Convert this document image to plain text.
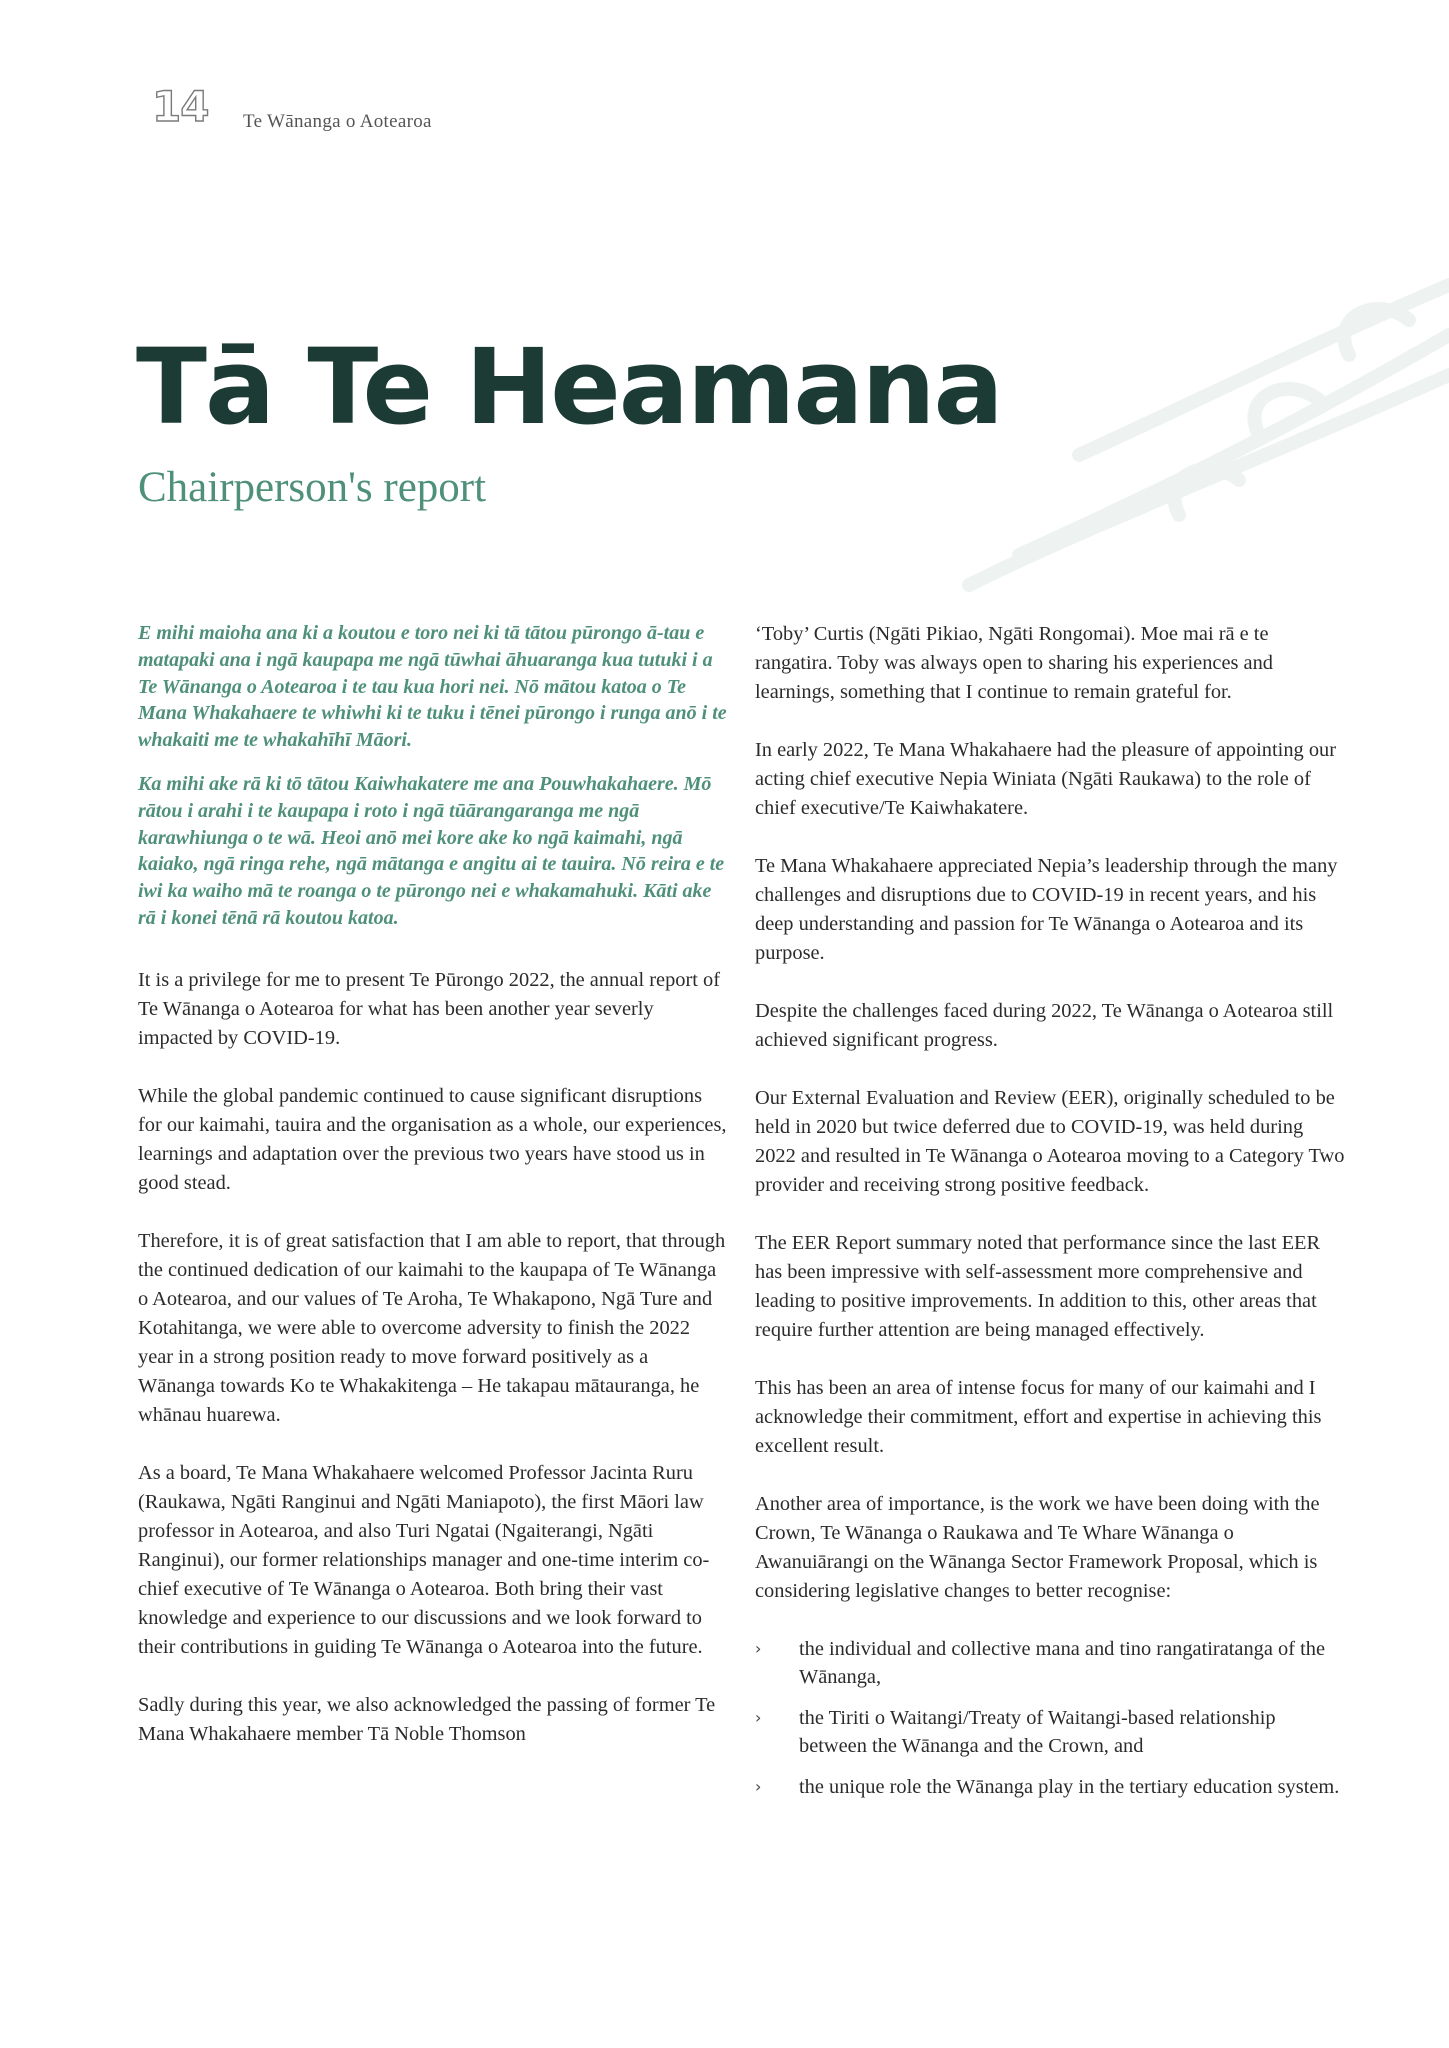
14 Te Wānanga o Aotearoa
Tā Te Heamana
Chairperson's report

E mihi maioha ana ki a koutou e toro nei ki tā tātou pūrongo ā-tau e matapaki ana i ngā kaupapa me ngā tūwhai āhuaranga kua tutuki i a Te Wānanga o Aotearoa i te tau kua hori nei. Nō mātou katoa o Te Mana Whakahaere te whiwhi ki te tuku i tēnei pūrongo i runga anō i te whakaiti me te whakahīhī Māori.

Ka mihi ake rā ki tō tātou Kaiwhakatere me ana Pouwhakahaere. Mō rātou i arahi i te kaupapa i roto i ngā tūārangaranga me ngā karawhiunga o te wā. Heoi anō mei kore ake ko ngā kaimahi, ngā kaiako, ngā ringa rehe, ngā mātanga e angitu ai te tauira. Nō reira e te iwi ka waiho mā te roanga o te pūrongo nei e whakamahuki. Kāti ake rā i konei tēnā rā koutou katoa.

It is a privilege for me to present Te Pūrongo 2022, the annual report of Te Wānanga o Aotearoa for what has been another year severly impacted by COVID-19.

While the global pandemic continued to cause significant disruptions for our kaimahi, tauira and the organisation as a whole, our experiences, learnings and adaptation over the previous two years have stood us in good stead.

Therefore, it is of great satisfaction that I am able to report, that through the continued dedication of our kaimahi to the kaupapa of Te Wānanga o Aotearoa, and our values of Te Aroha, Te Whakapono, Ngā Ture and Kotahitanga, we were able to overcome adversity to finish the 2022 year in a strong position ready to move forward positively as a Wānanga towards Ko te Whakakitenga – He takapau mātauranga, he whānau huarewa.

As a board, Te Mana Whakahaere welcomed Professor Jacinta Ruru (Raukawa, Ngāti Ranginui and Ngāti Maniapoto), the first Māori law professor in Aotearoa, and also Turi Ngatai (Ngaiterangi, Ngāti Ranginui), our former relationships manager and one-time interim co-chief executive of Te Wānanga o Aotearoa. Both bring their vast knowledge and experience to our discussions and we look forward to their contributions in guiding Te Wānanga o Aotearoa into the future.

Sadly during this year, we also acknowledged the passing of former Te Mana Whakahaere member Tā Noble Thomson

‘Toby’ Curtis (Ngāti Pikiao, Ngāti Rongomai). Moe mai rā e te rangatira. Toby was always open to sharing his experiences and learnings, something that I continue to remain grateful for.

In early 2022, Te Mana Whakahaere had the pleasure of appointing our acting chief executive Nepia Winiata (Ngāti Raukawa) to the role of chief executive/Te Kaiwhakatere.

Te Mana Whakahaere appreciated Nepia’s leadership through the many challenges and disruptions due to COVID-19 in recent years, and his deep understanding and passion for Te Wānanga o Aotearoa and its purpose.

Despite the challenges faced during 2022, Te Wānanga o Aotearoa still achieved significant progress.

Our External Evaluation and Review (EER), originally scheduled to be held in 2020 but twice deferred due to COVID-19, was held during 2022 and resulted in Te Wānanga o Aotearoa moving to a Category Two provider and receiving strong positive feedback.

The EER Report summary noted that performance since the last EER has been impressive with self-assessment more comprehensive and leading to positive improvements. In addition to this, other areas that require further attention are being managed effectively.

This has been an area of intense focus for many of our kaimahi and I acknowledge their commitment, effort and expertise in achieving this excellent result.

Another area of importance, is the work we have been doing with the Crown, Te Wānanga o Raukawa and Te Whare Wānanga o Awanuiārangi on the Wānanga Sector Framework Proposal, which is considering legislative changes to better recognise:

› the individual and collective mana and tino rangatiratanga of the Wānanga,
› the Tiriti o Waitangi/Treaty of Waitangi-based relationship between the Wānanga and the Crown, and
› the unique role the Wānanga play in the tertiary education system.
